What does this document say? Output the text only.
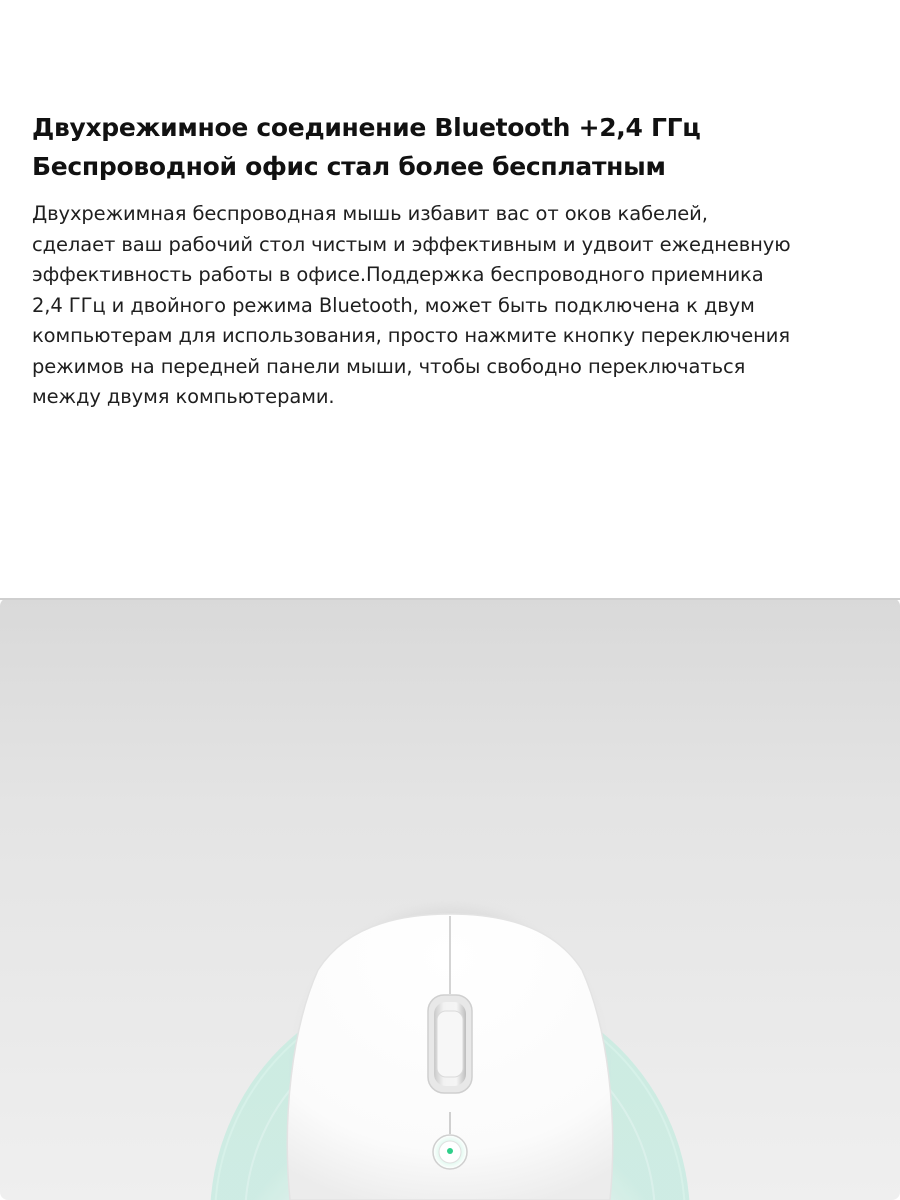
Двухрежимное соединение Bluetooth +2,4 ГГц
Беспроводной офис стал более бесплатным

Двухрежимная беспроводная мышь избавит вас от оков кабелей,
сделает ваш рабочий стол чистым и эффективным и удвоит ежедневную
эффективность работы в офисе.Поддержка беспроводного приемника
2,4 ГГц и двойного режима Bluetooth, может быть подключена к двум
компьютерам для использования, просто нажмите кнопку переключения
режимов на передней панели мыши, чтобы свободно переключаться
между двумя компьютерами.
